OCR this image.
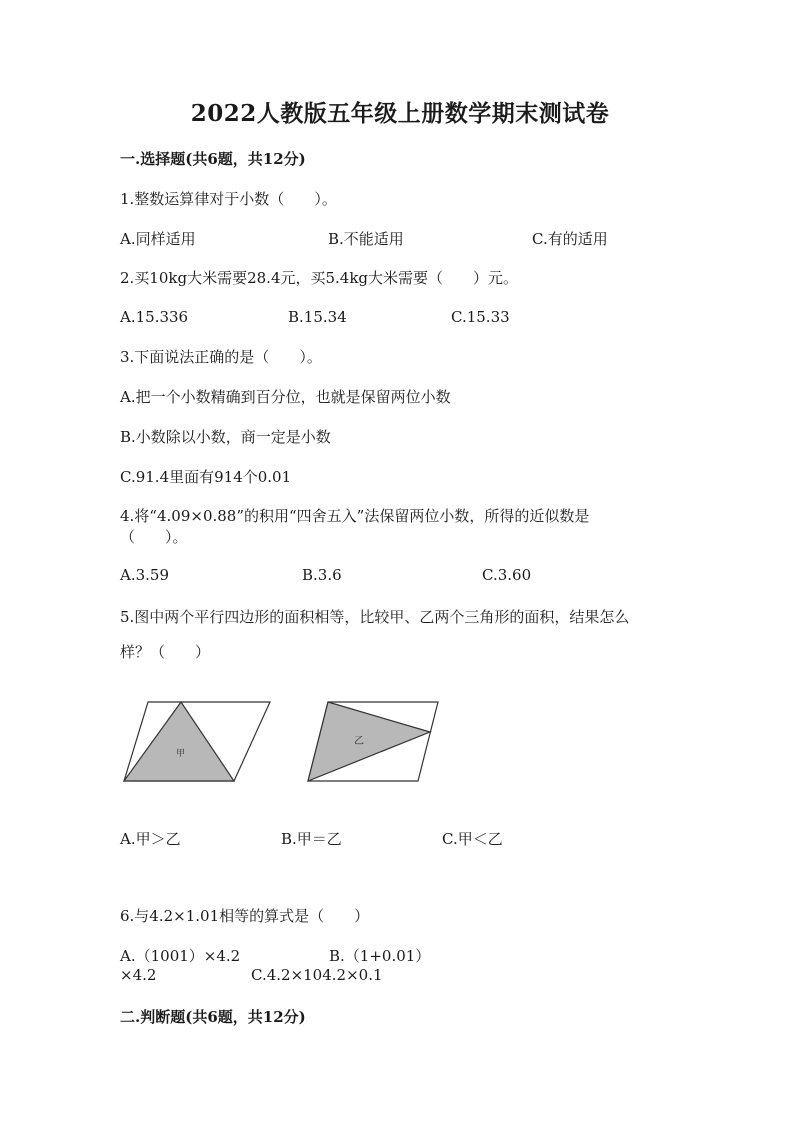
2022人教版五年级上册数学期末测试卷
一.选择题(共6题，共12分)
1.整数运算律对于小数（　　）。
A.同样适用	B.不能适用	C.有的适用
2.买10kg大米需要28.4元，买5.4kg大米需要（　　）元。
A.15.336	B.15.34	C.15.33
3.下面说法正确的是（　　）。
A.把一个小数精确到百分位，也就是保留两位小数
B.小数除以小数，商一定是小数
C.91.4里面有914个0.01
4.将“4.09×0.88”的积用“四舍五入”法保留两位小数，所得的近似数是
（　　）。
A.3.59	B.3.6	C.3.60
5.图中两个平行四边形的面积相等，比较甲、乙两个三角形的面积，结果怎么
样？（　　）
甲
乙
A.甲＞乙	B.甲＝乙	C.甲＜乙
6.与4.2×1.01相等的算式是（　　）
A.（1001）×4.2	B.（1+0.01）
×4.2	C.4.2×104.2×0.1
二.判断题(共6题，共12分)
